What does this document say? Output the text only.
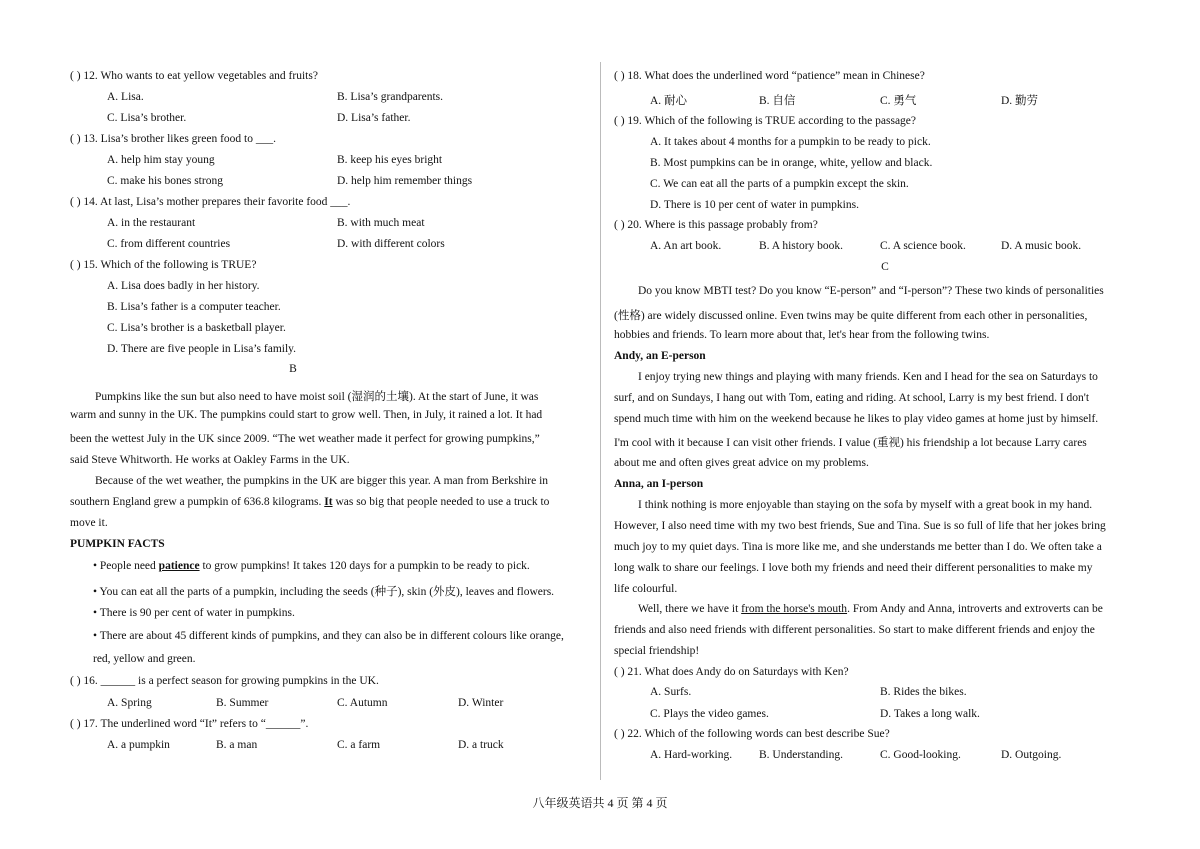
( ) 12. Who wants to eat yellow vegetables and fruits?
A. Lisa.	B. Lisa’s grandparents.
C. Lisa’s brother.	D. Lisa’s father.
( ) 13. Lisa’s brother likes green food to ___.
A. help him stay young	B. keep his eyes bright
C. make his bones strong	D. help him remember things
( ) 14. At last, Lisa’s mother prepares their favorite food ___.
A. in the restaurant	B. with much meat
C. from different countries	D. with different colors
( ) 15. Which of the following is TRUE?
A. Lisa does badly in her history.
B. Lisa’s father is a computer teacher.
C. Lisa’s brother is a basketball player.
D. There are five people in Lisa’s family.
B
Pumpkins like the sun but also need to have moist soil (湿润的土壤). At the start of June, it was
warm and sunny in the UK. The pumpkins could start to grow well. Then, in July, it rained a lot. It had
been the wettest July in the UK since 2009. “The wet weather made it perfect for growing pumpkins,”
said Steve Whitworth. He works at Oakley Farms in the UK.
Because of the wet weather, the pumpkins in the UK are bigger this year. A man from Berkshire in
southern England grew a pumpkin of 636.8 kilograms. It was so big that people needed to use a truck to
move it.
PUMPKIN FACTS
• People need patience to grow pumpkins! It takes 120 days for a pumpkin to be ready to pick.
• You can eat all the parts of a pumpkin, including the seeds (种子), skin (外皮), leaves and flowers.
• There is 90 per cent of water in pumpkins.
• There are about 45 different kinds of pumpkins, and they can also be in different colours like orange,
red, yellow and green.
( ) 16. ______ is a perfect season for growing pumpkins in the UK.
A. Spring	B. Summer	C. Autumn	D. Winter
( ) 17. The underlined word “It” refers to “______”.
A. a pumpkin	B. a man	C. a farm	D. a truck
( ) 18. What does the underlined word “patience” mean in Chinese?
A. 耐心	B. 自信	C. 勇气	D. 勤劳
( ) 19. Which of the following is TRUE according to the passage?
A. It takes about 4 months for a pumpkin to be ready to pick.
B. Most pumpkins can be in orange, white, yellow and black.
C. We can eat all the parts of a pumpkin except the skin.
D. There is 10 per cent of water in pumpkins.
( ) 20. Where is this passage probably from?
A. An art book.	B. A history book.	C. A science book.	D. A music book.
C
Do you know MBTI test? Do you know “E-person” and “I-person”? These two kinds of personalities
(性格) are widely discussed online. Even twins may be quite different from each other in personalities,
hobbies and friends. To learn more about that, let's hear from the following twins.
Andy, an E-person
I enjoy trying new things and playing with many friends. Ken and I head for the sea on Saturdays to
surf, and on Sundays, I hang out with Tom, eating and riding. At school, Larry is my best friend. I don't
spend much time with him on the weekend because he likes to play video games at home just by himself.
I'm cool with it because I can visit other friends. I value (重视) his friendship a lot because Larry cares
about me and often gives great advice on my problems.
Anna, an I-person
I think nothing is more enjoyable than staying on the sofa by myself with a great book in my hand.
However, I also need time with my two best friends, Sue and Tina. Sue is so full of life that her jokes bring
much joy to my quiet days. Tina is more like me, and she understands me better than I do. We often take a
long walk to share our feelings. I love both my friends and need their different personalities to make my
life colourful.
Well, there we have it from the horse's mouth. From Andy and Anna, introverts and extroverts can be
friends and also need friends with different personalities. So start to make different friends and enjoy the
special friendship!
( ) 21. What does Andy do on Saturdays with Ken?
A. Surfs.	B. Rides the bikes.
C. Plays the video games.	D. Takes a long walk.
( ) 22. Which of the following words can best describe Sue?
A. Hard-working. B. Understanding.	C. Good-looking.	D. Outgoing.
八年级英语共 4 页 第 4 页
